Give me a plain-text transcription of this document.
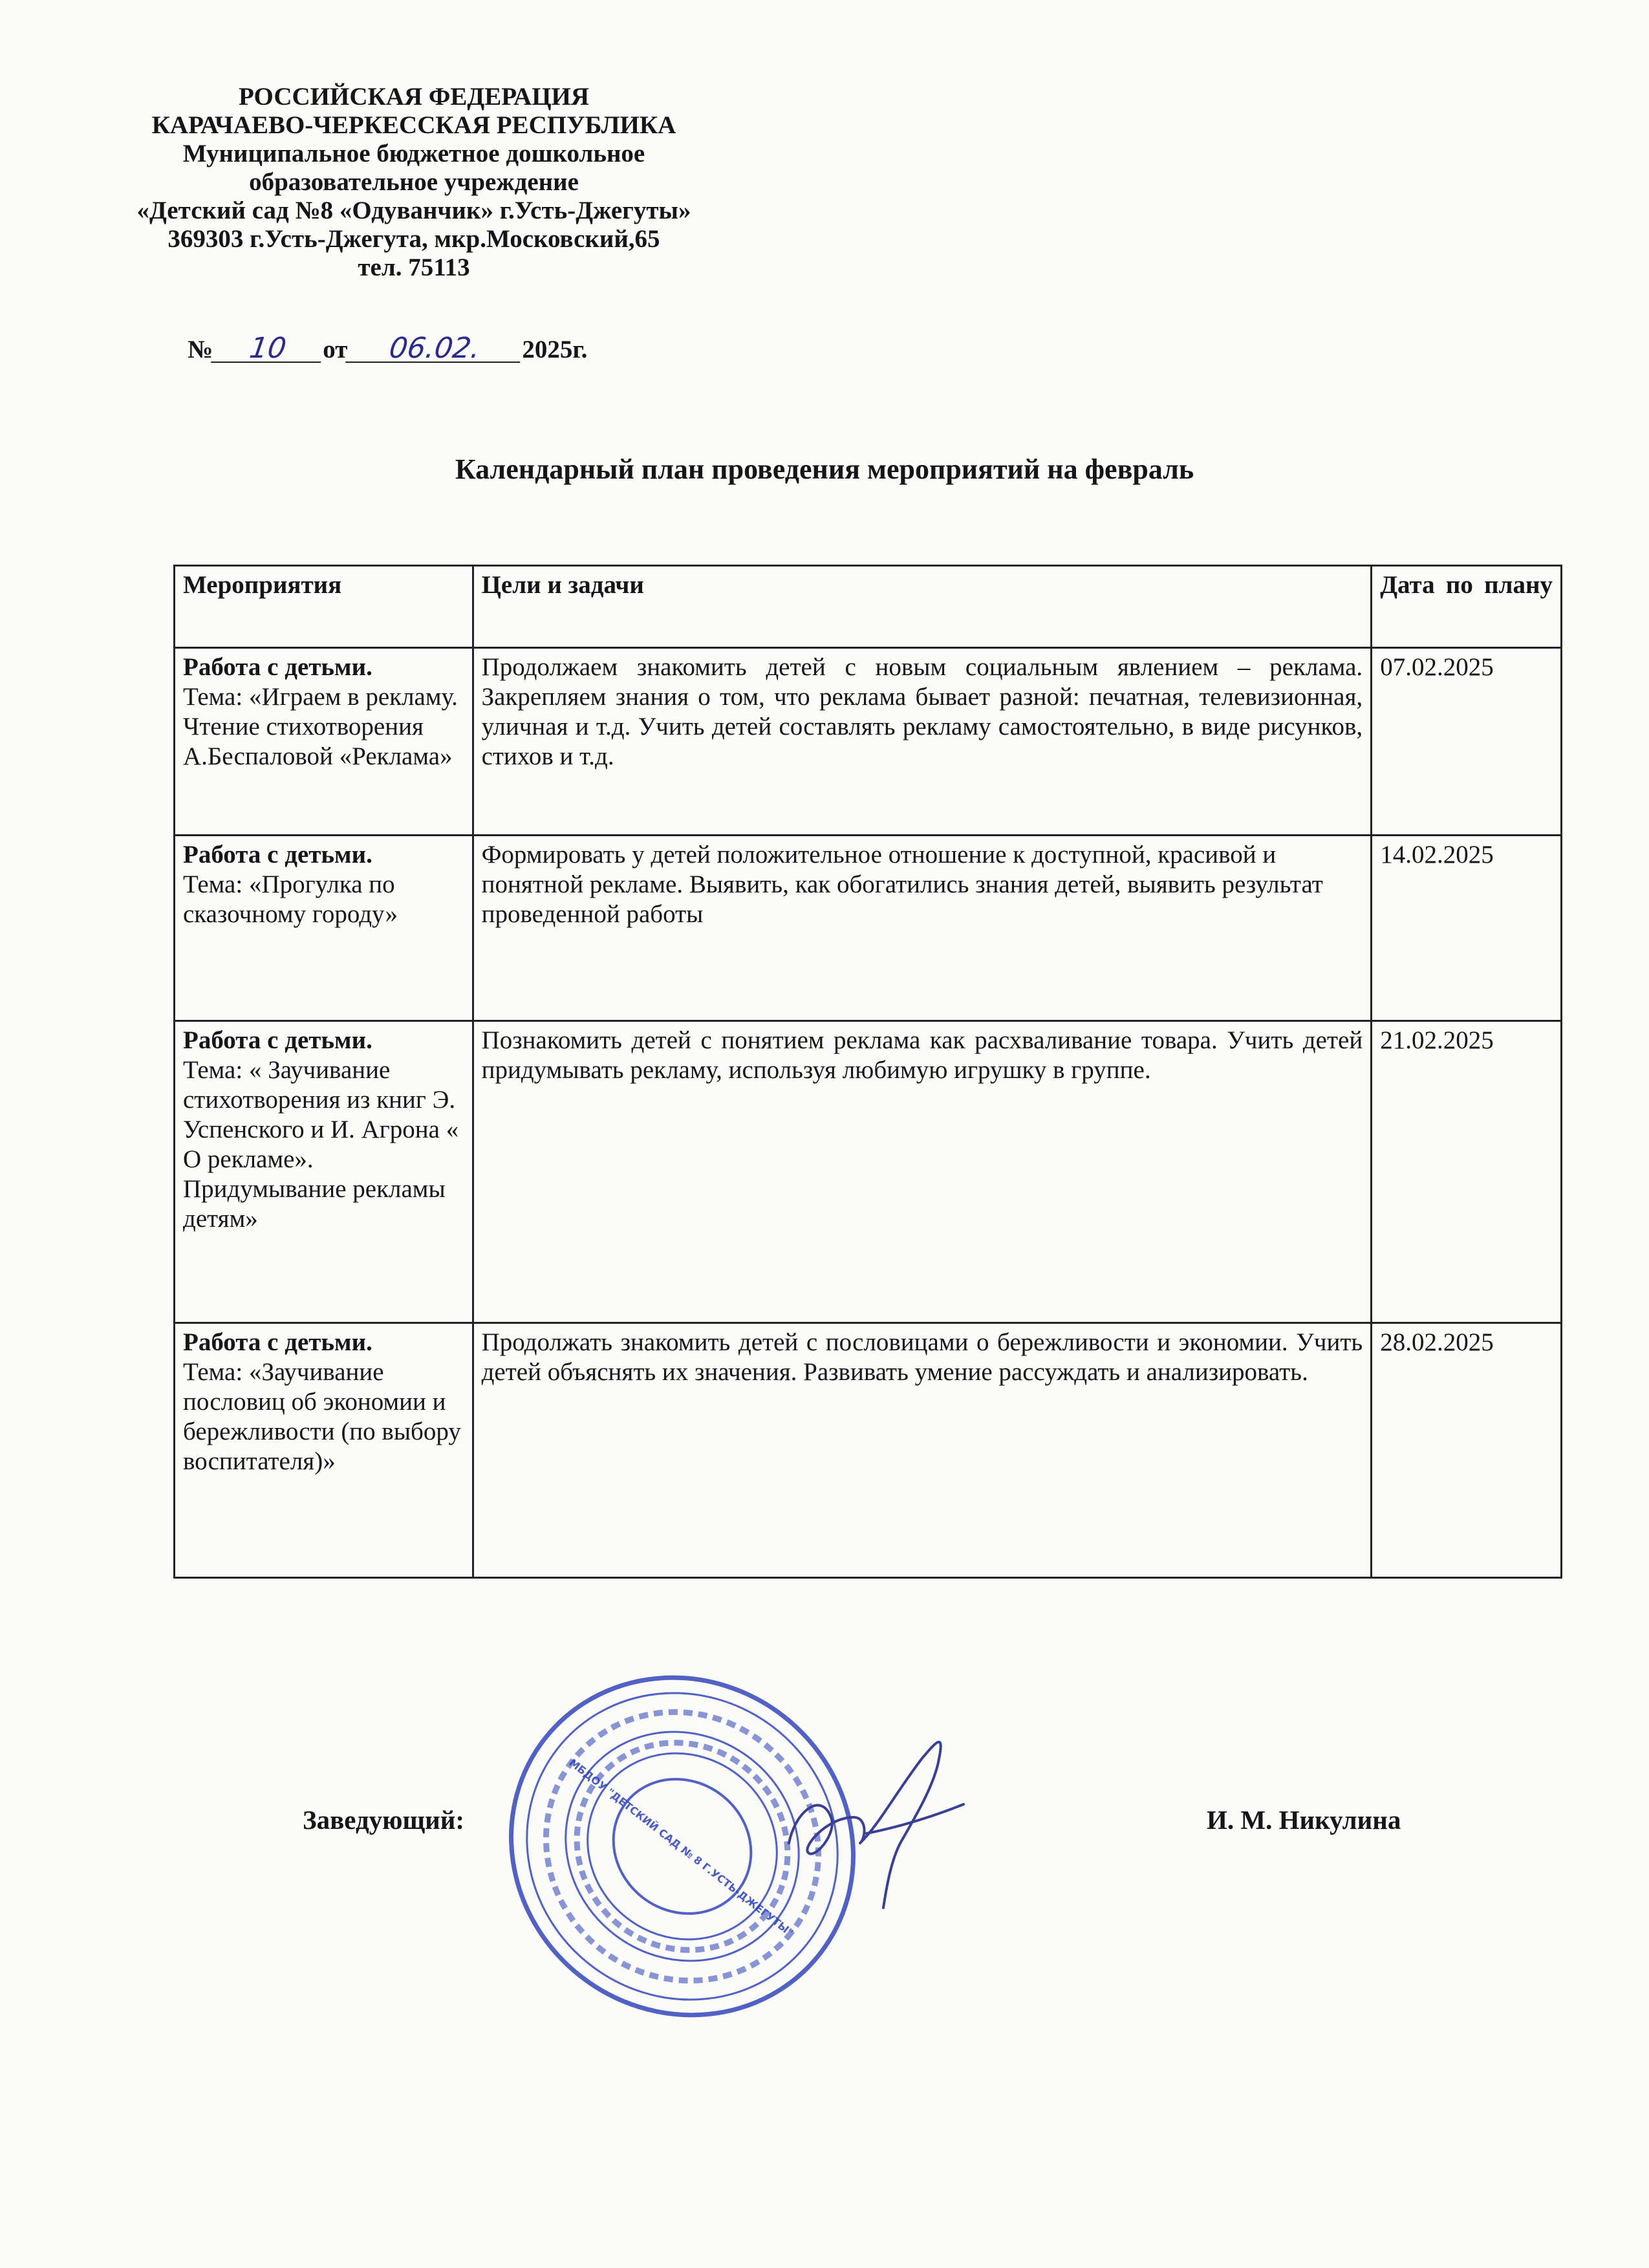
РОССИЙСКАЯ ФЕДЕРАЦИЯ
КАРАЧАЕВО-ЧЕРКЕССКАЯ РЕСПУБЛИКА
Муниципальное бюджетное дошкольное
образовательное учреждение
«Детский сад №8 «Одуванчик» г.Усть-Джегуты»
369303 г.Усть-Джегута, мкр.Московский,65
тел. 75113
№ 10 от 06.02. 2025г.
Календарный план проведения мероприятий на февраль
Мероприятия	Цели и задачи	Дата по плану

Работа с детьми.
Тема: «Играем в рекламу. Чтение стихотворения А.Беспаловой «Реклама»	Продолжаем знакомить детей с новым социальным явлением – реклама. Закрепляем знания о том, что реклама бывает разной: печатная, телевизионная, уличная и т.д. Учить детей составлять рекламу самостоятельно, в виде рисунков, стихов и т.д.	07.02.2025

Работа с детьми.
Тема: «Прогулка по сказочному городу»	Формировать у детей положительное отношение к доступной, красивой и понятной рекламе. Выявить, как обогатились знания детей, выявить результат проведенной работы	14.02.2025

Работа с детьми.
Тема: « Заучивание стихотворения из книг Э. Успенского и И. Агрона « О рекламе». Придумывание рекламы детям»	Познакомить детей с понятием реклама как расхваливание товара. Учить детей придумывать рекламу, используя любимую игрушку в группе.	21.02.2025

Работа с детьми.
Тема: «Заучивание пословиц об экономии и бережливости (по выбору воспитателя)»	Продолжать знакомить детей с пословицами о бережливости и экономии. Учить детей объяснять их значения. Развивать умение рассуждать и анализировать.	28.02.2025
Заведующий:	И. М. Никулина
МБДОУ "ДЕТСКИЙ САД № 8 Г.УСТЬ-ДЖЕГУТЫ"
